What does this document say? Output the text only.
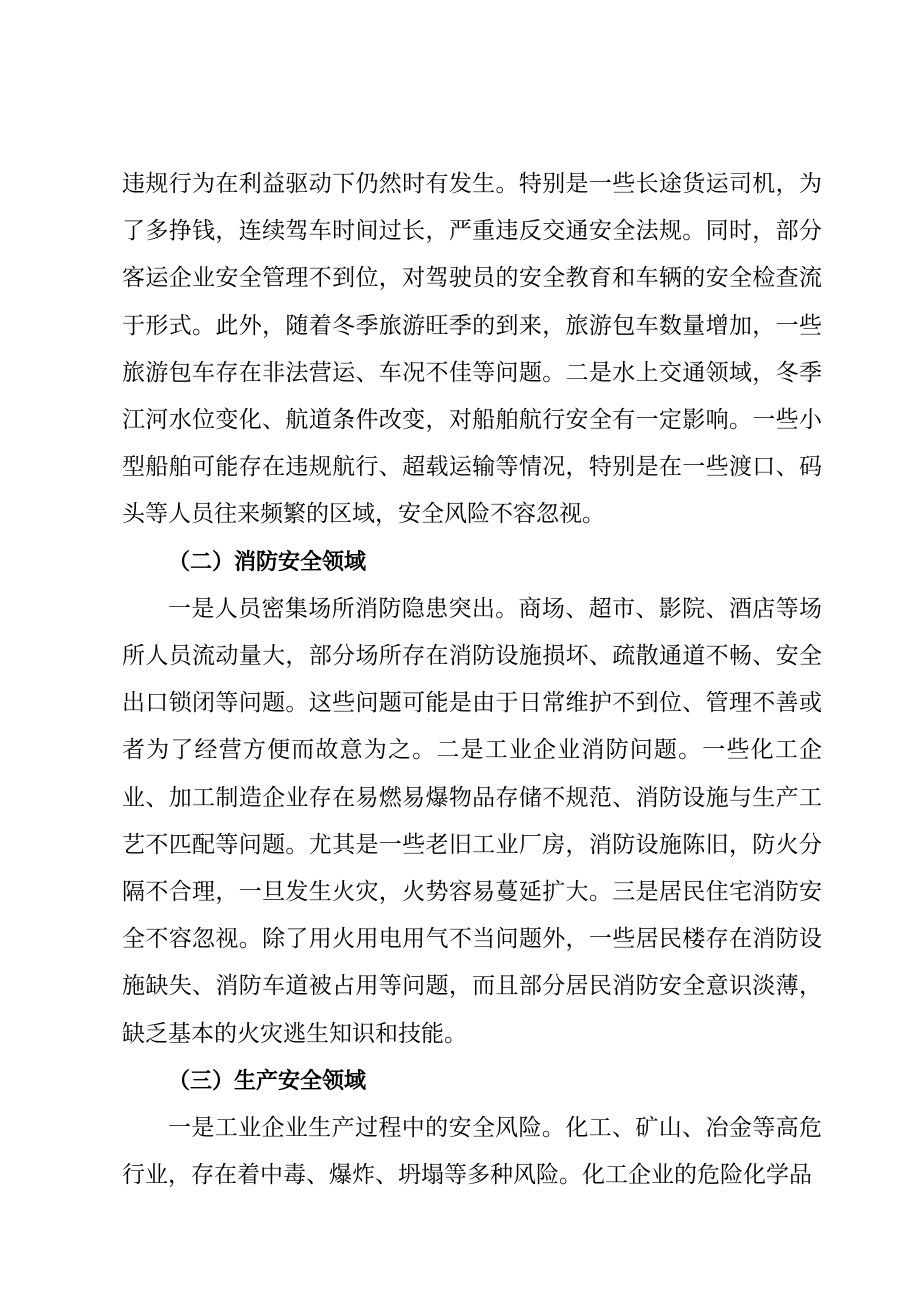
违规行为在利益驱动下仍然时有发生。特别是一些长途货运司机，为了多挣钱，连续驾车时间过长，严重违反交通安全法规。同时，部分客运企业安全管理不到位，对驾驶员的安全教育和车辆的安全检查流于形式。此外，随着冬季旅游旺季的到来，旅游包车数量增加，一些旅游包车存在非法营运、车况不佳等问题。二是水上交通领域，冬季江河水位变化、航道条件改变，对船舶航行安全有一定影响。一些小型船舶可能存在违规航行、超载运输等情况，特别是在一些渡口、码头等人员往来频繁的区域，安全风险不容忽视。

（二）消防安全领域

一是人员密集场所消防隐患突出。商场、超市、影院、酒店等场所人员流动量大，部分场所存在消防设施损坏、疏散通道不畅、安全出口锁闭等问题。这些问题可能是由于日常维护不到位、管理不善或者为了经营方便而故意为之。二是工业企业消防问题。一些化工企业、加工制造企业存在易燃易爆物品存储不规范、消防设施与生产工艺不匹配等问题。尤其是一些老旧工业厂房，消防设施陈旧，防火分隔不合理，一旦发生火灾，火势容易蔓延扩大。三是居民住宅消防安全不容忽视。除了用火用电用气不当问题外，一些居民楼存在消防设施缺失、消防车道被占用等问题，而且部分居民消防安全意识淡薄，缺乏基本的火灾逃生知识和技能。

（三）生产安全领域

一是工业企业生产过程中的安全风险。化工、矿山、冶金等高危行业，存在着中毒、爆炸、坍塌等多种风险。化工企业的危险化学品
